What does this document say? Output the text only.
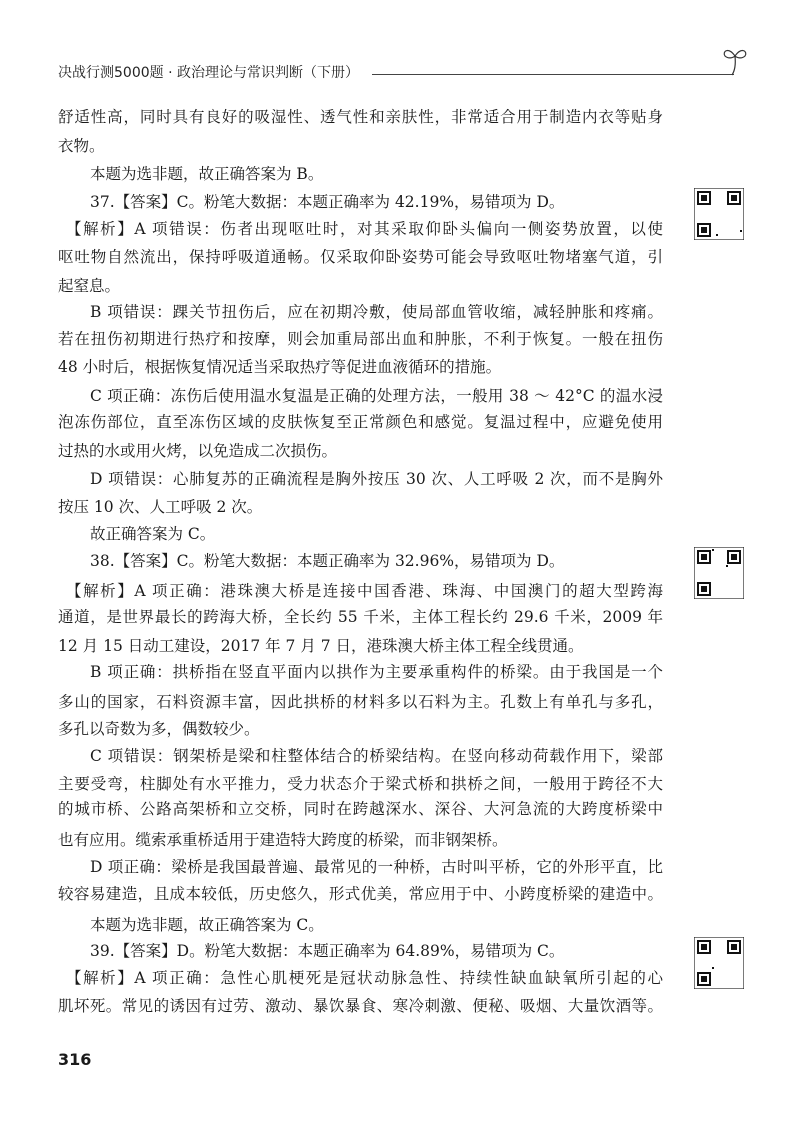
决战行测5000题 · 政治理论与常识判断（下册）
舒适性高，同时具有良好的吸湿性、透气性和亲肤性，非常适合用于制造内衣等贴身
衣物。
本题为选非题，故正确答案为 B。
37.【答案】C。粉笔大数据：本题正确率为 42.19%，易错项为 D。
【解析】A 项错误：伤者出现呕吐时，对其采取仰卧头偏向一侧姿势放置，以使
呕吐物自然流出，保持呼吸道通畅。仅采取仰卧姿势可能会导致呕吐物堵塞气道，引
起窒息。
B 项错误：踝关节扭伤后，应在初期冷敷，使局部血管收缩，减轻肿胀和疼痛。
若在扭伤初期进行热疗和按摩，则会加重局部出血和肿胀，不利于恢复。一般在扭伤
48 小时后，根据恢复情况适当采取热疗等促进血液循环的措施。
C 项正确：冻伤后使用温水复温是正确的处理方法，一般用 38 ～ 42°C 的温水浸
泡冻伤部位，直至冻伤区域的皮肤恢复至正常颜色和感觉。复温过程中，应避免使用
过热的水或用火烤，以免造成二次损伤。
D 项错误：心肺复苏的正确流程是胸外按压 30 次、人工呼吸 2 次，而不是胸外
按压 10 次、人工呼吸 2 次。
故正确答案为 C。
38.【答案】C。粉笔大数据：本题正确率为 32.96%，易错项为 D。
【解析】A 项正确：港珠澳大桥是连接中国香港、珠海、中国澳门的超大型跨海
通道，是世界最长的跨海大桥，全长约 55 千米，主体工程长约 29.6 千米，2009 年
12 月 15 日动工建设，2017 年 7 月 7 日，港珠澳大桥主体工程全线贯通。
B 项正确：拱桥指在竖直平面内以拱作为主要承重构件的桥梁。由于我国是一个
多山的国家，石料资源丰富，因此拱桥的材料多以石料为主。孔数上有单孔与多孔，
多孔以奇数为多，偶数较少。
C 项错误：钢架桥是梁和柱整体结合的桥梁结构。在竖向移动荷载作用下，梁部
主要受弯，柱脚处有水平推力，受力状态介于梁式桥和拱桥之间，一般用于跨径不大
的城市桥、公路高架桥和立交桥，同时在跨越深水、深谷、大河急流的大跨度桥梁中
也有应用。缆索承重桥适用于建造特大跨度的桥梁，而非钢架桥。
D 项正确：梁桥是我国最普遍、最常见的一种桥，古时叫平桥，它的外形平直，比
较容易建造，且成本较低，历史悠久，形式优美，常应用于中、小跨度桥梁的建造中。
本题为选非题，故正确答案为 C。
39.【答案】D。粉笔大数据：本题正确率为 64.89%，易错项为 C。
【解析】A 项正确：急性心肌梗死是冠状动脉急性、持续性缺血缺氧所引起的心
肌坏死。常见的诱因有过劳、激动、暴饮暴食、寒冷刺激、便秘、吸烟、大量饮酒等。
316
